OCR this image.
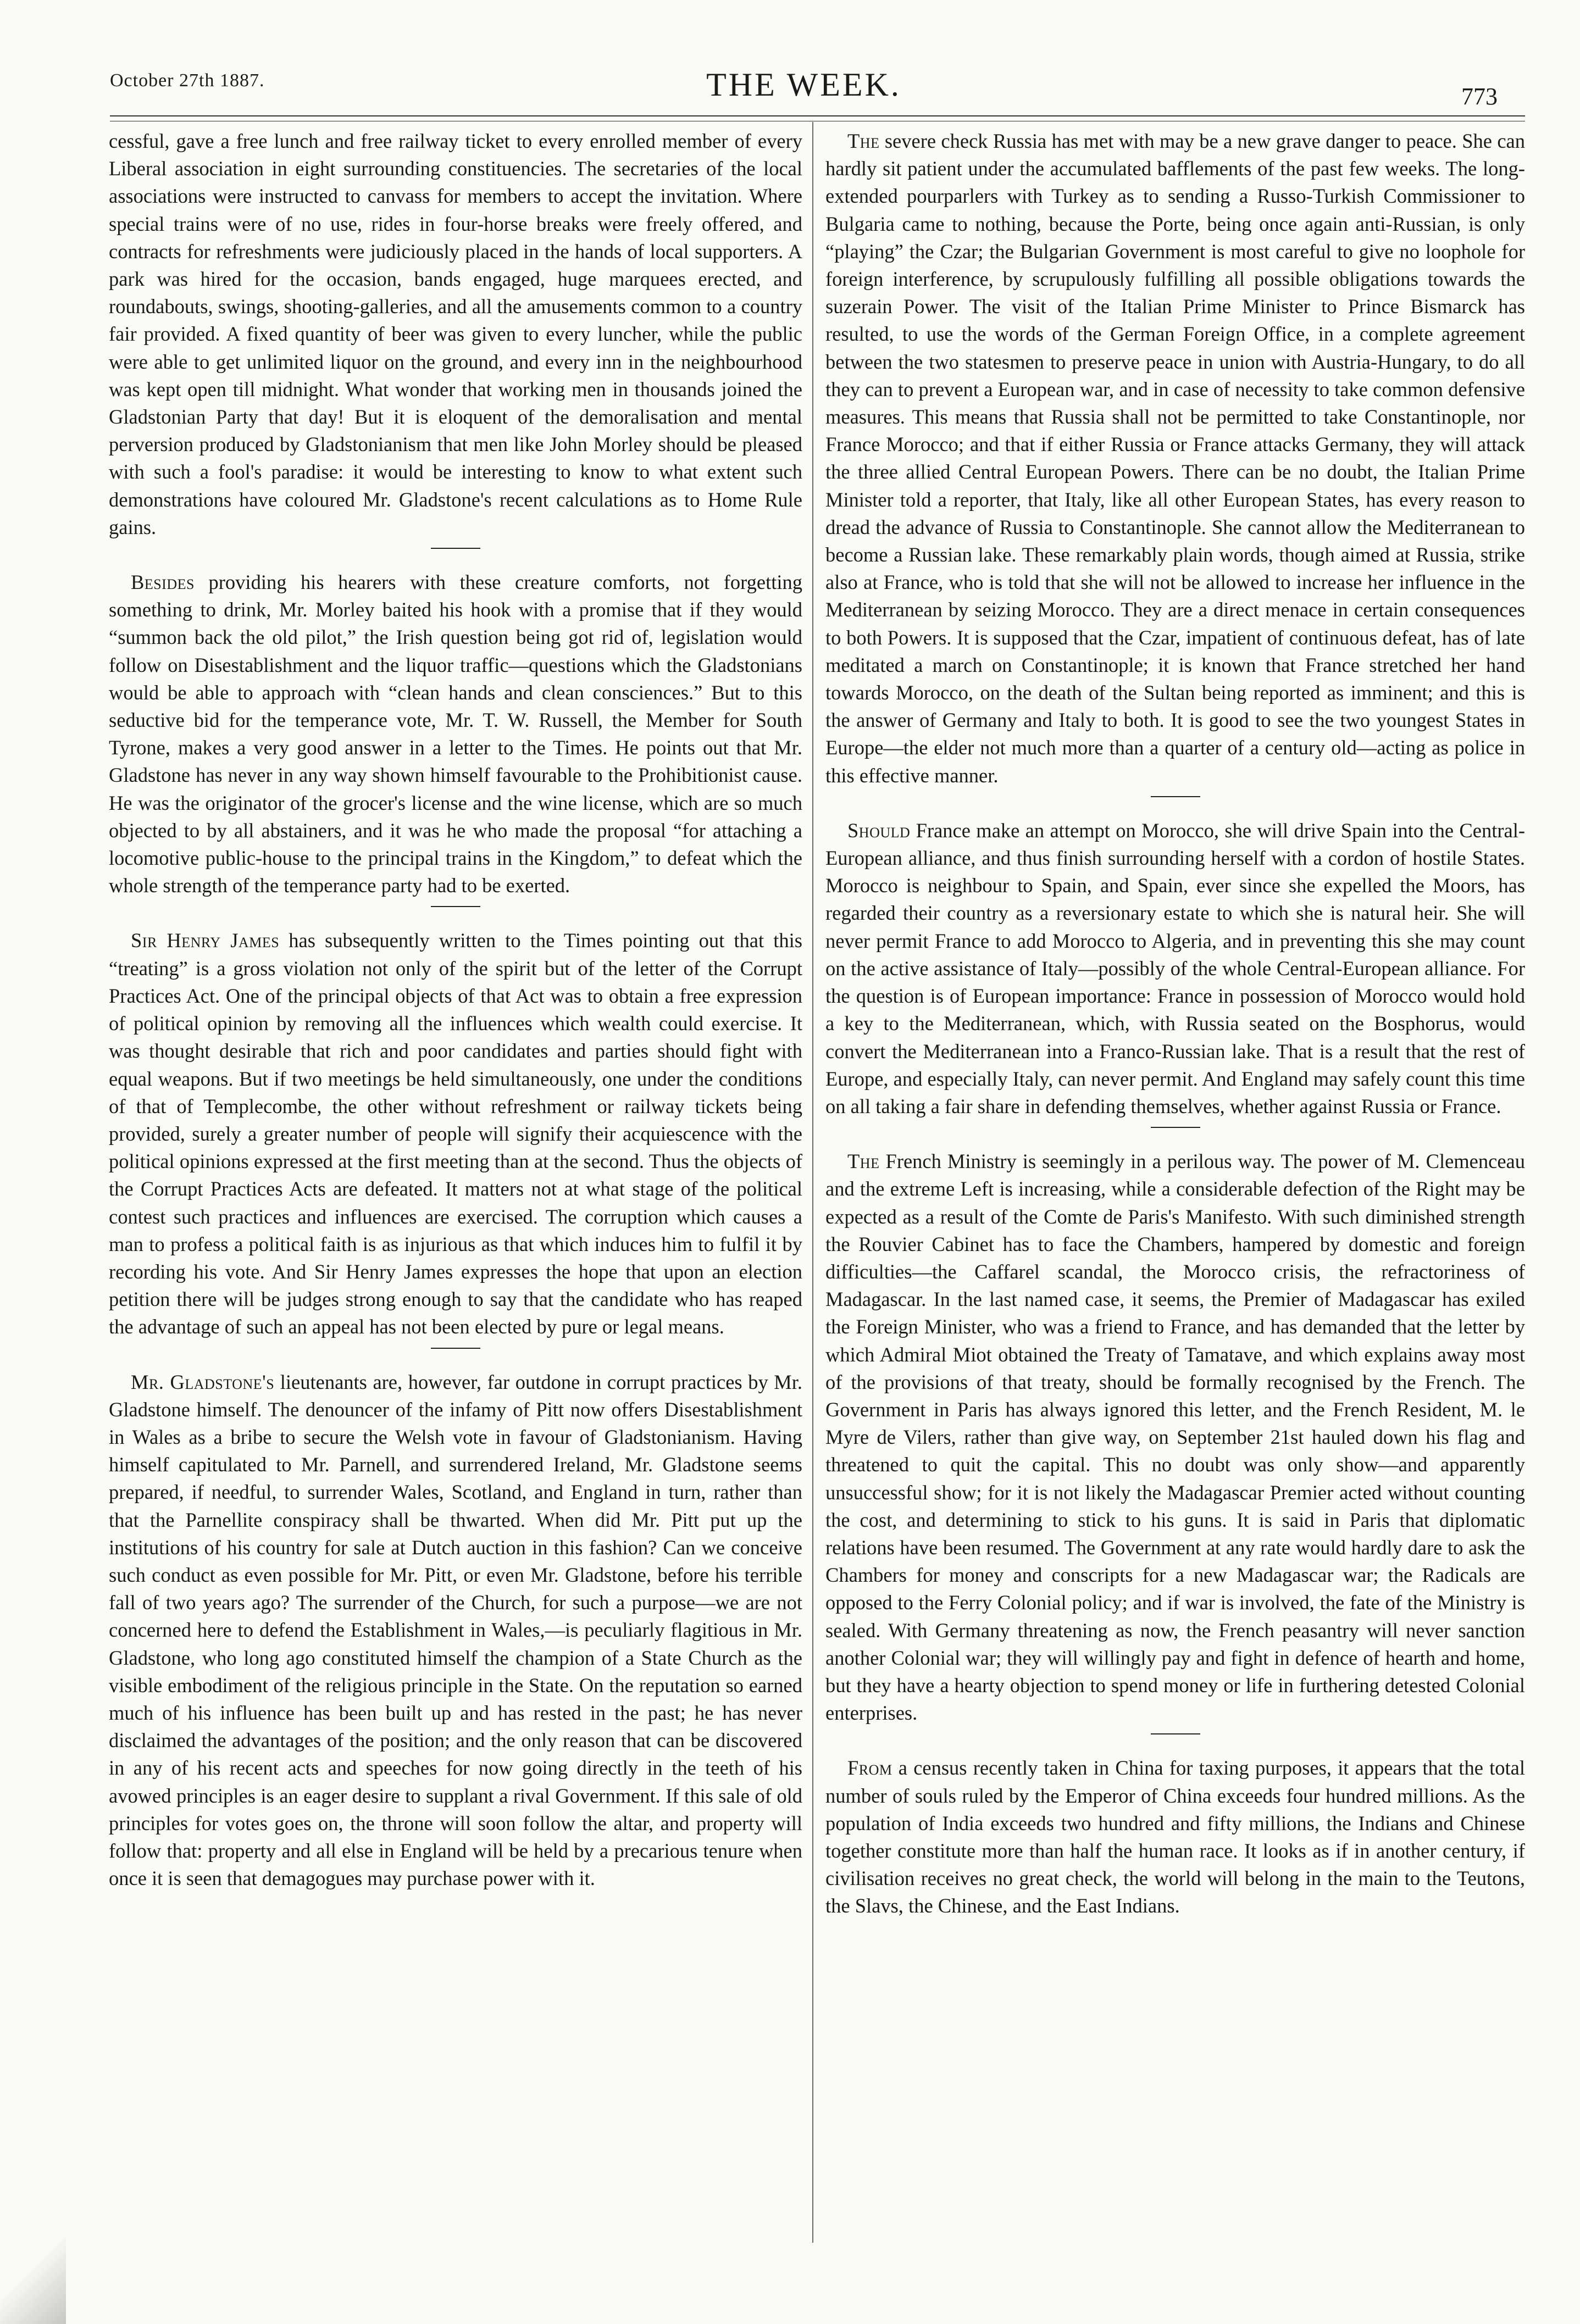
October 27th 1887.	THE WEEK.	773

cessful, gave a free lunch and free railway ticket to every enrolled member of every Liberal association in eight surrounding constituencies. The secretaries of the local associations were instructed to canvass for members to accept the invitation. Where special trains were of no use, rides in four-horse breaks were freely offered, and contracts for refreshments were judiciously placed in the hands of local supporters. A park was hired for the occasion, bands engaged, huge marquees erected, and roundabouts, swings, shooting-galleries, and all the amusements common to a country fair provided. A fixed quantity of beer was given to every luncher, while the public were able to get unlimited liquor on the ground, and every inn in the neighbourhood was kept open till midnight. What wonder that working men in thousands joined the Gladstonian Party that day! But it is eloquent of the demoralisation and mental perversion produced by Gladstonianism that men like John Morley should be pleased with such a fool's paradise: it would be interesting to know to what extent such demonstrations have coloured Mr. Gladstone's recent calculations as to Home Rule gains.

Besides providing his hearers with these creature comforts, not forgetting something to drink, Mr. Morley baited his hook with a promise that if they would “summon back the old pilot,” the Irish question being got rid of, legislation would follow on Disestablishment and the liquor traffic—questions which the Gladstonians would be able to approach with “clean hands and clean consciences.” But to this seductive bid for the temperance vote, Mr. T. W. Russell, the Member for South Tyrone, makes a very good answer in a letter to the Times. He points out that Mr. Gladstone has never in any way shown himself favourable to the Prohibitionist cause. He was the originator of the grocer's license and the wine license, which are so much objected to by all abstainers, and it was he who made the proposal “for attaching a locomotive public-house to the principal trains in the Kingdom,” to defeat which the whole strength of the temperance party had to be exerted.

Sir Henry James has subsequently written to the Times pointing out that this “treating” is a gross violation not only of the spirit but of the letter of the Corrupt Practices Act. One of the principal objects of that Act was to obtain a free expression of political opinion by removing all the influences which wealth could exercise. It was thought desirable that rich and poor candidates and parties should fight with equal weapons. But if two meetings be held simultaneously, one under the conditions of that of Templecombe, the other without refreshment or railway tickets being provided, surely a greater number of people will signify their acquiescence with the political opinions expressed at the first meeting than at the second. Thus the objects of the Corrupt Practices Acts are defeated. It matters not at what stage of the political contest such practices and influences are exercised. The corruption which causes a man to profess a political faith is as injurious as that which induces him to fulfil it by recording his vote. And Sir Henry James expresses the hope that upon an election petition there will be judges strong enough to say that the candidate who has reaped the advantage of such an appeal has not been elected by pure or legal means.

Mr. Gladstone's lieutenants are, however, far outdone in corrupt practices by Mr. Gladstone himself. The denouncer of the infamy of Pitt now offers Disestablishment in Wales as a bribe to secure the Welsh vote in favour of Gladstonianism. Having himself capitulated to Mr. Parnell, and surrendered Ireland, Mr. Gladstone seems prepared, if needful, to surrender Wales, Scotland, and England in turn, rather than that the Parnellite conspiracy shall be thwarted. When did Mr. Pitt put up the institutions of his country for sale at Dutch auction in this fashion? Can we conceive such conduct as even possible for Mr. Pitt, or even Mr. Gladstone, before his terrible fall of two years ago? The surrender of the Church, for such a purpose—we are not concerned here to defend the Establishment in Wales,—is peculiarly flagitious in Mr. Gladstone, who long ago constituted himself the champion of a State Church as the visible embodiment of the religious principle in the State. On the reputation so earned much of his influence has been built up and has rested in the past; he has never disclaimed the advantages of the position; and the only reason that can be discovered in any of his recent acts and speeches for now going directly in the teeth of his avowed principles is an eager desire to supplant a rival Government. If this sale of old principles for votes goes on, the throne will soon follow the altar, and property will follow that: property and all else in England will be held by a precarious tenure when once it is seen that demagogues may purchase power with it.

The severe check Russia has met with may be a new grave danger to peace. She can hardly sit patient under the accumulated bafflements of the past few weeks. The long-extended pourparlers with Turkey as to sending a Russo-Turkish Commissioner to Bulgaria came to nothing, because the Porte, being once again anti-Russian, is only “playing” the Czar; the Bulgarian Government is most careful to give no loophole for foreign interference, by scrupulously fulfilling all possible obligations towards the suzerain Power. The visit of the Italian Prime Minister to Prince Bismarck has resulted, to use the words of the German Foreign Office, in a complete agreement between the two statesmen to preserve peace in union with Austria-Hungary, to do all they can to prevent a European war, and in case of necessity to take common defensive measures. This means that Russia shall not be permitted to take Constantinople, nor France Morocco; and that if either Russia or France attacks Germany, they will attack the three allied Central European Powers. There can be no doubt, the Italian Prime Minister told a reporter, that Italy, like all other European States, has every reason to dread the advance of Russia to Constantinople. She cannot allow the Mediterranean to become a Russian lake. These remarkably plain words, though aimed at Russia, strike also at France, who is told that she will not be allowed to increase her influence in the Mediterranean by seizing Morocco. They are a direct menace in certain consequences to both Powers. It is supposed that the Czar, impatient of continuous defeat, has of late meditated a march on Constantinople; it is known that France stretched her hand towards Morocco, on the death of the Sultan being reported as imminent; and this is the answer of Germany and Italy to both. It is good to see the two youngest States in Europe—the elder not much more than a quarter of a century old—acting as police in this effective manner.

Should France make an attempt on Morocco, she will drive Spain into the Central-European alliance, and thus finish surrounding herself with a cordon of hostile States. Morocco is neighbour to Spain, and Spain, ever since she expelled the Moors, has regarded their country as a reversionary estate to which she is natural heir. She will never permit France to add Morocco to Algeria, and in preventing this she may count on the active assistance of Italy—possibly of the whole Central-European alliance. For the question is of European importance: France in possession of Morocco would hold a key to the Mediterranean, which, with Russia seated on the Bosphorus, would convert the Mediterranean into a Franco-Russian lake. That is a result that the rest of Europe, and especially Italy, can never permit. And England may safely count this time on all taking a fair share in defending themselves, whether against Russia or France.

The French Ministry is seemingly in a perilous way. The power of M. Clemenceau and the extreme Left is increasing, while a considerable defection of the Right may be expected as a result of the Comte de Paris's Manifesto. With such diminished strength the Rouvier Cabinet has to face the Chambers, hampered by domestic and foreign difficulties—the Caffarel scandal, the Morocco crisis, the refractoriness of Madagascar. In the last named case, it seems, the Premier of Madagascar has exiled the Foreign Minister, who was a friend to France, and has demanded that the letter by which Admiral Miot obtained the Treaty of Tamatave, and which explains away most of the provisions of that treaty, should be formally recognised by the French. The Government in Paris has always ignored this letter, and the French Resident, M. le Myre de Vilers, rather than give way, on September 21st hauled down his flag and threatened to quit the capital. This no doubt was only show—and apparently unsuccessful show; for it is not likely the Madagascar Premier acted without counting the cost, and determining to stick to his guns. It is said in Paris that diplomatic relations have been resumed. The Government at any rate would hardly dare to ask the Chambers for money and conscripts for a new Madagascar war; the Radicals are opposed to the Ferry Colonial policy; and if war is involved, the fate of the Ministry is sealed. With Germany threatening as now, the French peasantry will never sanction another Colonial war; they will willingly pay and fight in defence of hearth and home, but they have a hearty objection to spend money or life in furthering detested Colonial enterprises.

From a census recently taken in China for taxing purposes, it appears that the total number of souls ruled by the Emperor of China exceeds four hundred millions. As the population of India exceeds two hundred and fifty millions, the Indians and Chinese together constitute more than half the human race. It looks as if in another century, if civilisation receives no great check, the world will belong in the main to the Teutons, the Slavs, the Chinese, and the East Indians.
